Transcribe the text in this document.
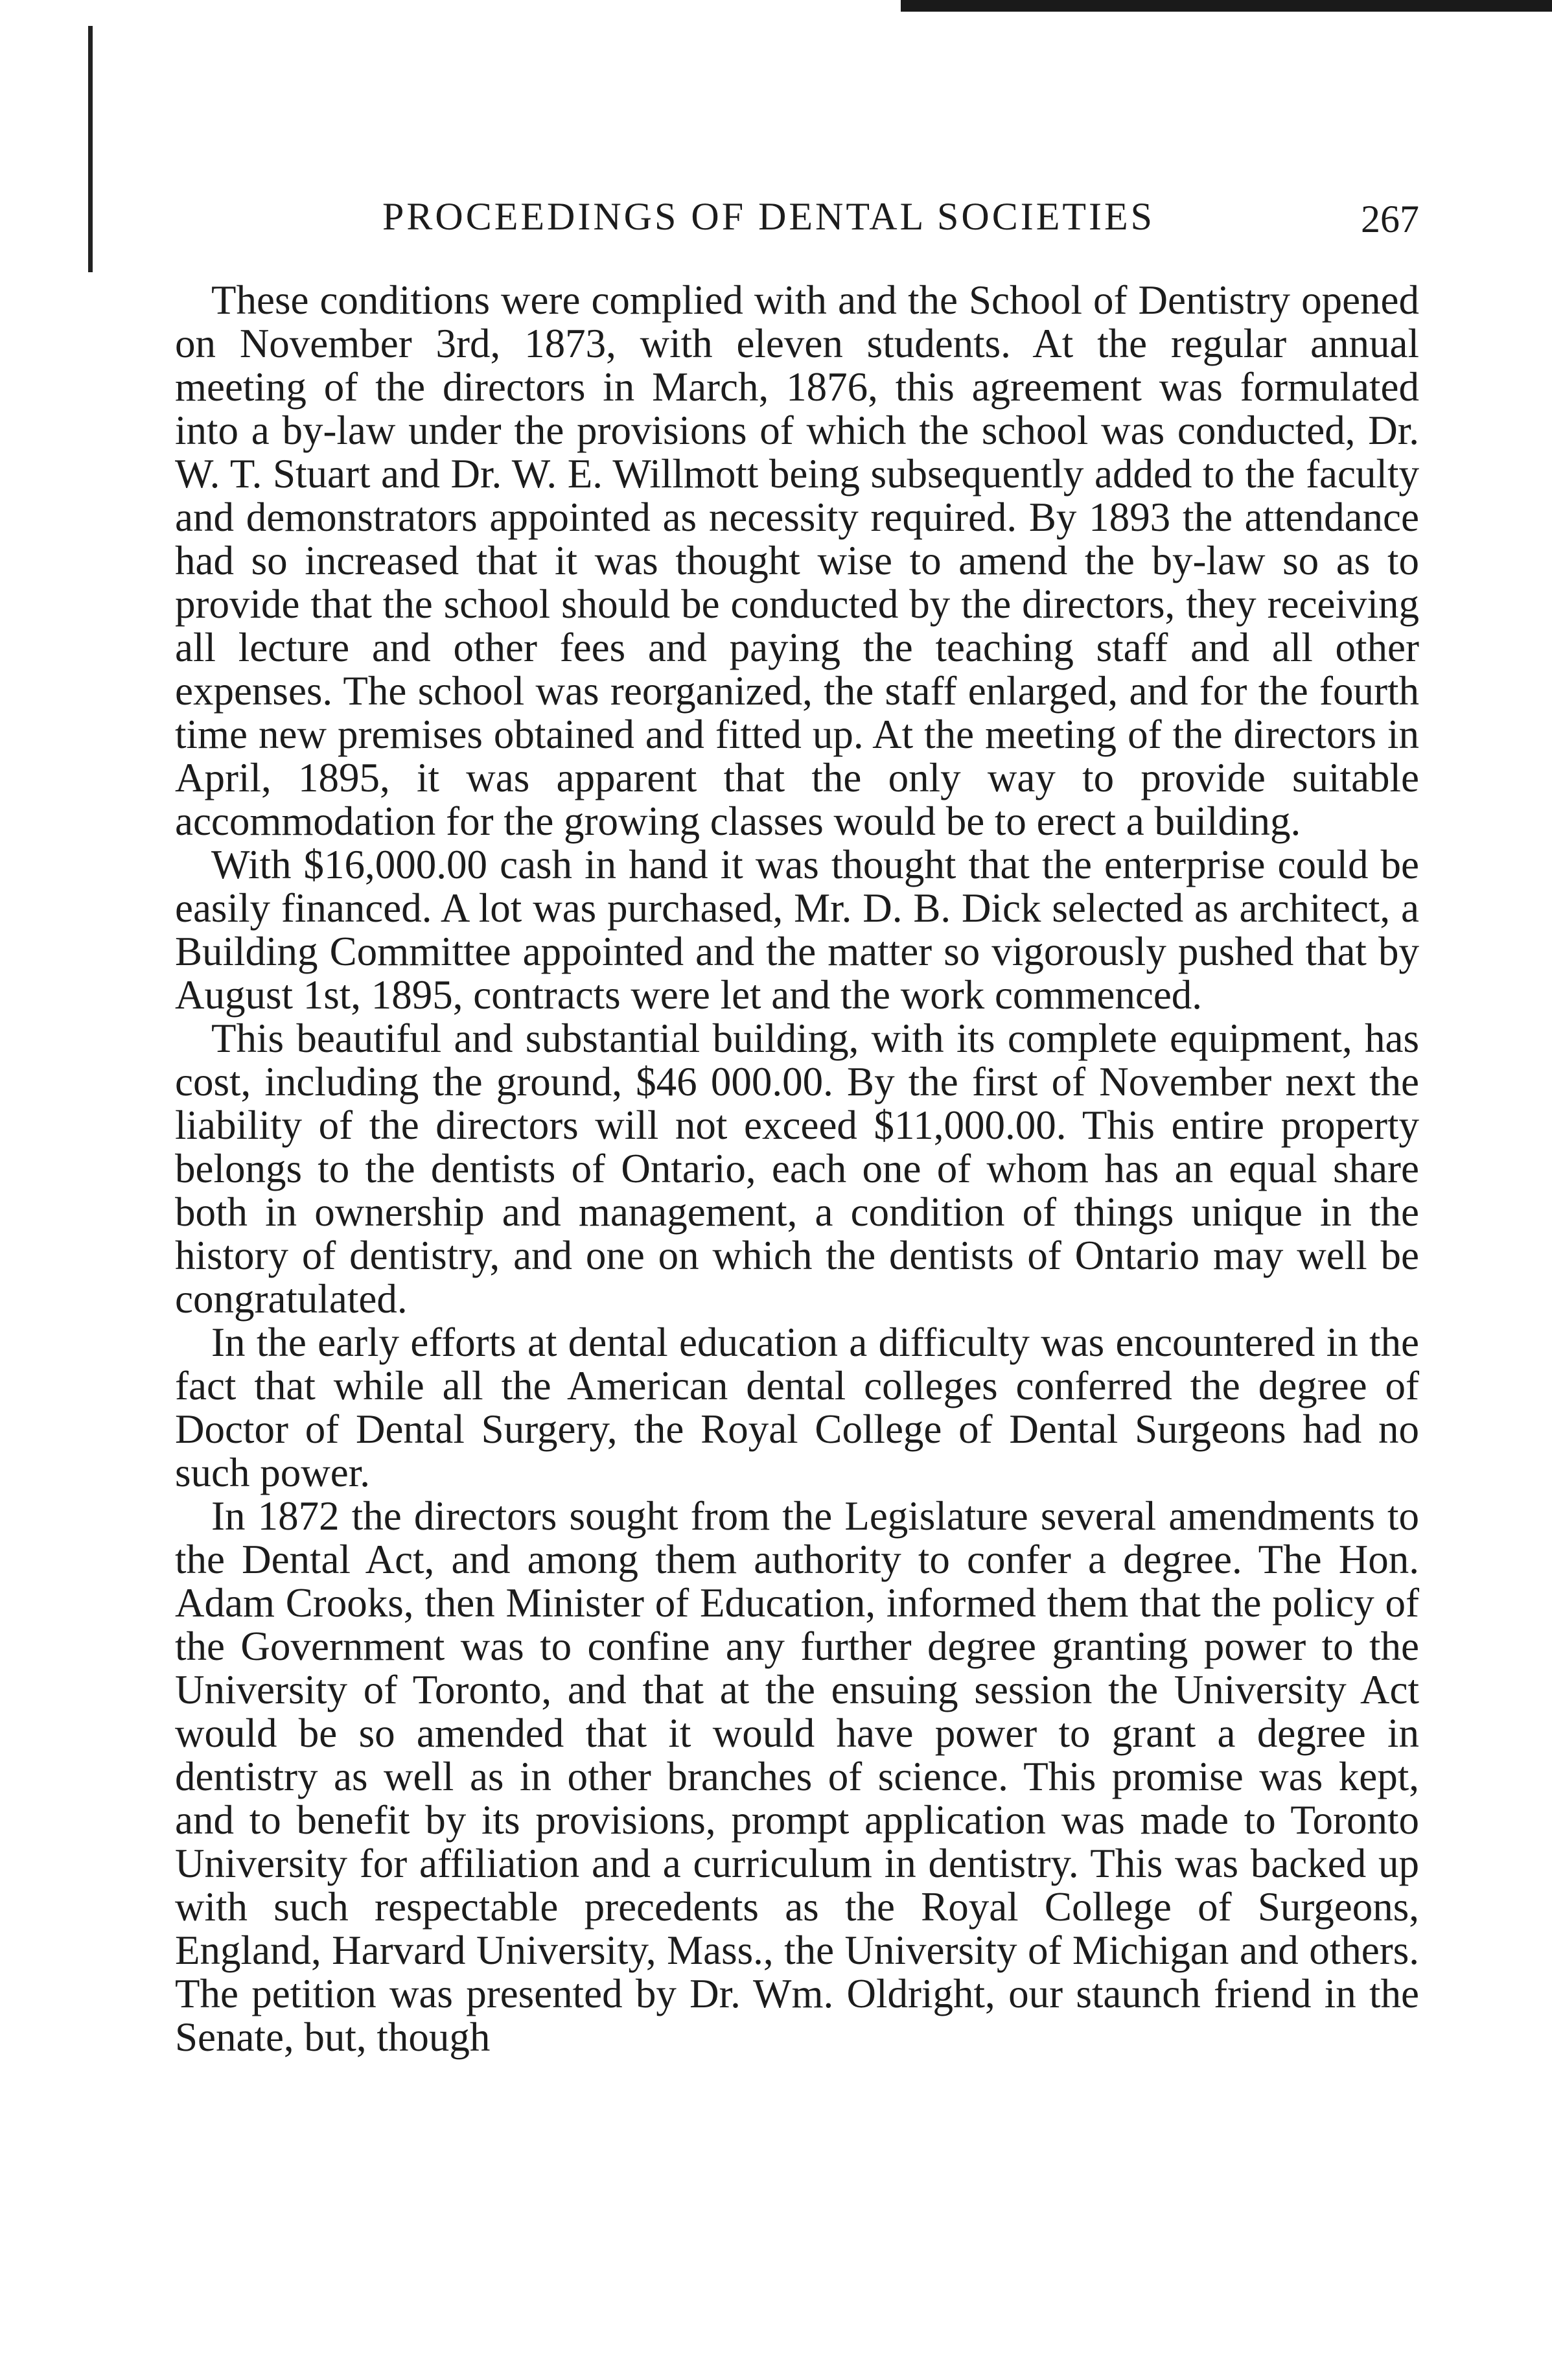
PROCEEDINGS OF DENTAL SOCIETIES	267

These conditions were complied with and the School of Dentistry opened on November 3rd, 1873, with eleven students. At the regular annual meeting of the directors in March, 1876, this agreement was formulated into a by-law under the provisions of which the school was conducted, Dr. W. T. Stuart and Dr. W. E. Willmott being subsequently added to the faculty and demonstrators appointed as necessity required. By 1893 the attendance had so increased that it was thought wise to amend the by-law so as to provide that the school should be conducted by the directors, they receiving all lecture and other fees and paying the teaching staff and all other expenses. The school was reorganized, the staff enlarged, and for the fourth time new premises obtained and fitted up. At the meeting of the directors in April, 1895, it was apparent that the only way to provide suitable accommodation for the growing classes would be to erect a building.

With $16,000.00 cash in hand it was thought that the enterprise could be easily financed. A lot was purchased, Mr. D. B. Dick selected as architect, a Building Committee appointed and the matter so vigorously pushed that by August 1st, 1895, contracts were let and the work commenced.

This beautiful and substantial building, with its complete equipment, has cost, including the ground, $46 000.00. By the first of November next the liability of the directors will not exceed $11,000.00. This entire property belongs to the dentists of Ontario, each one of whom has an equal share both in ownership and management, a condition of things unique in the history of dentistry, and one on which the dentists of Ontario may well be congratulated.

In the early efforts at dental education a difficulty was encountered in the fact that while all the American dental colleges conferred the degree of Doctor of Dental Surgery, the Royal College of Dental Surgeons had no such power.

In 1872 the directors sought from the Legislature several amendments to the Dental Act, and among them authority to confer a degree. The Hon. Adam Crooks, then Minister of Education, informed them that the policy of the Government was to confine any further degree granting power to the University of Toronto, and that at the ensuing session the University Act would be so amended that it would have power to grant a degree in dentistry as well as in other branches of science. This promise was kept, and to benefit by its provisions, prompt application was made to Toronto University for affiliation and a curriculum in dentistry. This was backed up with such respectable precedents as the Royal College of Surgeons, England, Harvard University, Mass., the University of Michigan and others. The petition was presented by Dr. Wm. Oldright, our staunch friend in the Senate, but, though
